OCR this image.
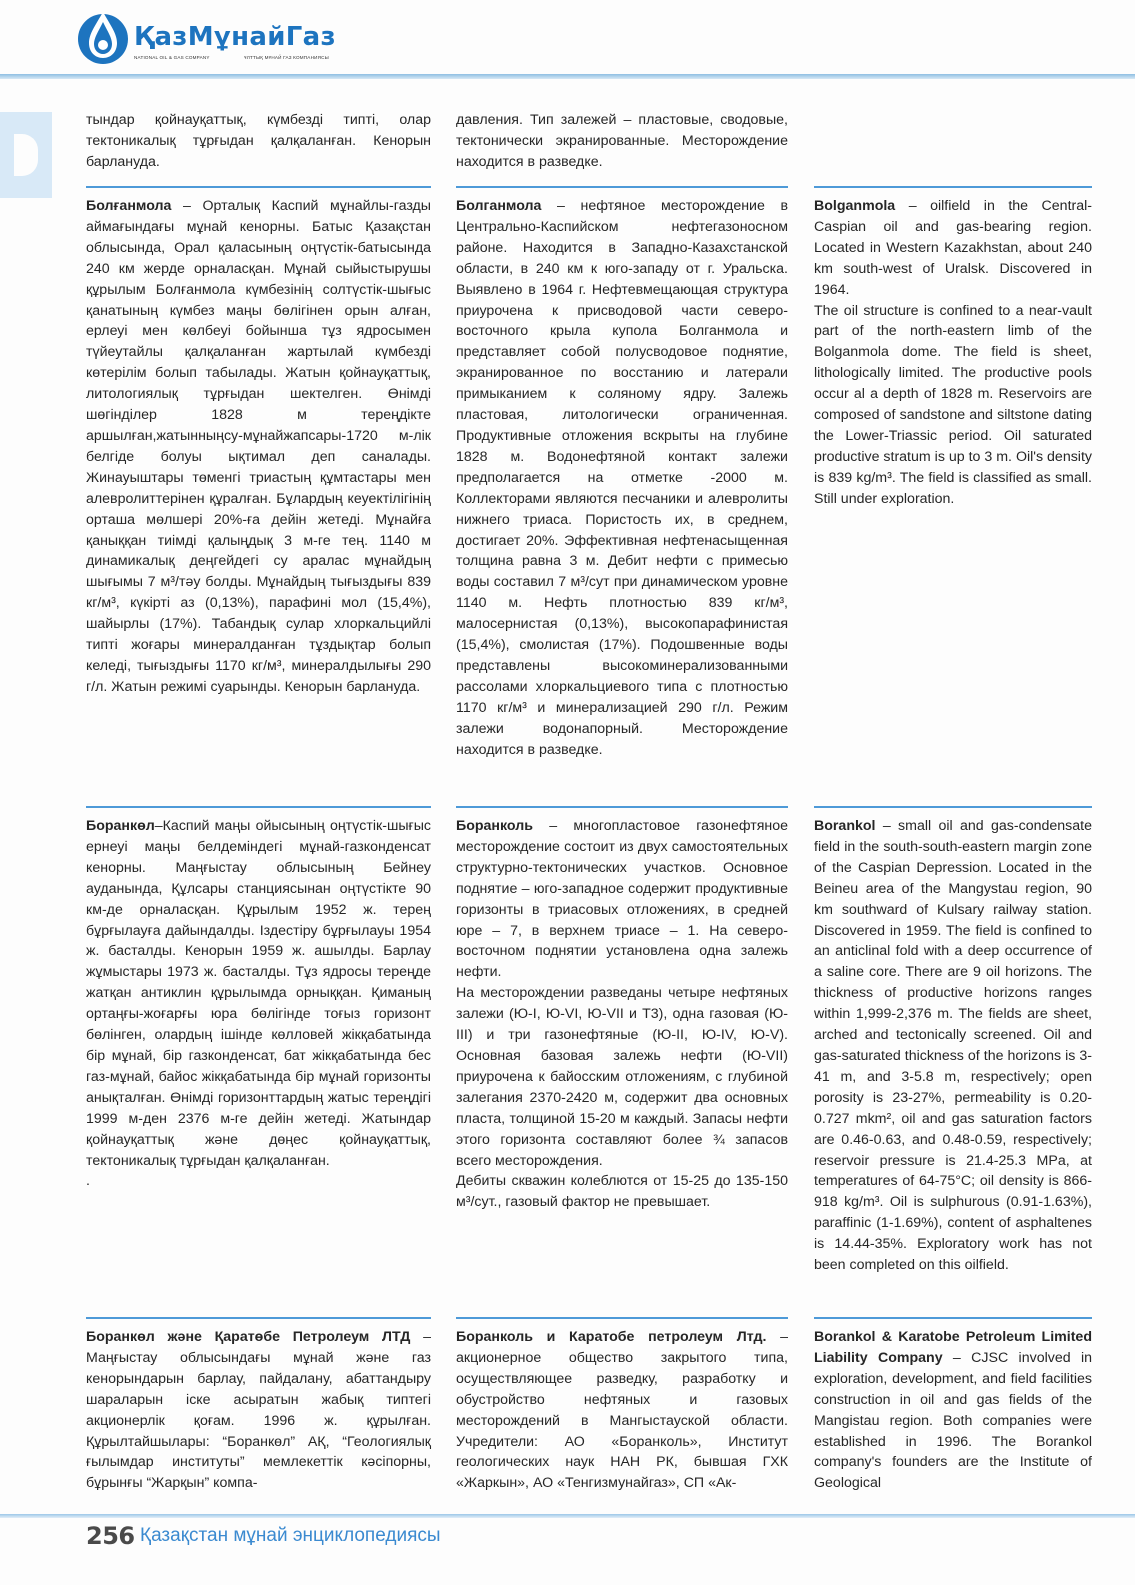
ҚазМұнайГаз
NATIONAL OIL & GAS COMPANY	ҰЛТТЫҚ МҰНАЙ ГАЗ КОМПАНИЯСЫ

тындар қойнауқаттық, күмбезді типті, олар тектоникалық тұрғыдан қалқаланған. Кенорын барлануда.

давления. Тип залежей – пластовые, сводовые, тектонически экранированные. Месторождение находится в разведке.

Болғанмола – Орталық Каспий мұнайлы-газды аймағындағы мұнай кенорны. Батыс Қазақстан облысында, Орал қаласының оңтүстік-батысында 240 км жерде орналасқан. Мұнай сыйыстырушы құрылым Болғанмола күмбезінің солтүстік-шығыс қанатының күмбез маңы бөлігінен орын алған, ерлеуі мен көлбеуі бойынша тұз ядросымен түйеутайлы қалқаланған жартылай күмбезді көтерілім болып табылады. Жатын қойнауқаттық, литологиялық тұрғыдан шектелген. Өнімді шөгінділер 1828 м тереңдікте аршылған,жатынныңсу-мұнайжапсары-1720 м-лік белгіде болуы ықтимал деп саналады. Жинауыштары төменгі триастың құмтастары мен алевролиттерінен құралған. Бұлардың кеуектілігінің орташа мөлшері 20%-ға дейін жетеді. Мұнайға қаныққан тиімді қалыңдық 3 м-ге тең. 1140 м динамикалық деңгейдегі су аралас мұнайдың шығымы 7 м³/тәу болды. Мұнайдың тығыздығы 839 кг/м³, күкірті аз (0,13%), парафині мол (15,4%), шайырлы (17%). Табандық сулар хлоркальцийлі типті жоғары минералданған тұздықтар болып келеді, тығыздығы 1170 кг/м³, минералдылығы 290 г/л. Жатын режимі суарынды. Кенорын барлануда.

Болганмола – нефтяное месторождение в Центрально-Каспийском нефтегазоносном районе. Находится в Западно-Казахстанской области, в 240 км к юго-западу от г. Уральска. Выявлено в 1964 г. Нефтевмещающая структура приурочена к присводовой части северо-восточного крыла купола Болганмола и представляет собой полусводовое поднятие, экранированное по восстанию и латерали примыканием к соляному ядру. Залежь пластовая, литологически ограниченная. Продуктивные отложения вскрыты на глубине 1828 м. Водонефтяной контакт залежи предполагается на отметке -2000 м. Коллекторами являются песчаники и алевролиты нижнего триаса. Пористость их, в среднем, достигает 20%. Эффективная нефтенасыщенная толщина равна 3 м. Дебит нефти с примесью воды составил 7 м³/сут при динамическом уровне 1140 м. Нефть плотностью 839 кг/м³, малосернистая (0,13%), высокопарафинистая (15,4%), смолистая (17%). Подошвенные воды представлены высокоминерализованными рассолами хлоркальциевого типа с плотностью 1170 кг/м³ и минерализацией 290 г/л. Режим залежи водонапорный. Месторождение находится в разведке.

Bolganmola – oilfield in the Central-Caspian oil and gas-bearing region. Located in Western Kazakhstan, about 240 km south-west of Uralsk. Discovered in 1964.

The oil structure is confined to a near-vault part of the north-eastern limb of the Bolganmola dome. The field is sheet, lithologically limited. The productive pools occur al a depth of 1828 m. Reservoirs are composed of sandstone and siltstone dating the Lower-Triassic period. Oil saturated productive stratum is up to 3 m. Oil's density is 839 kg/m³. The field is classified as small. Still under exploration.

Боранкөл–Каспий маңы ойысының оңтүстік-шығыс ернеуі маңы белдеміндегі мұнай-газконденсат кенорны. Маңғыстау облысының Бейнеу ауданында, Құлсары станциясынан оңтүстікте 90 км-де орналасқан. Құрылым 1952 ж. терең бұрғылауға дайындалды. Іздестіру бұрғылауы 1954 ж. басталды. Кенорын 1959 ж. ашылды. Барлау жұмыстары 1973 ж. басталды. Тұз ядросы тереңде жатқан антиклин құрылымда орныққан. Қиманың ортаңғы-жоғарғы юра бөлігінде тоғыз горизонт бөлінген, олардың ішінде көлловей жікқабатында бір мұнай, бір газконденсат, бат жікқабатында бес газ-мұнай, байос жікқабатында бір мұнай горизонты анықталған. Өнімді горизонттардың жатыс тереңдігі 1999 м-ден 2376 м-ге дейін жетеді. Жатындар қойнауқаттық және дөңес қойнауқаттық, тектоникалық тұрғыдан қалқаланған.

.

Боранколь – многопластовое газонефтяное месторождение состоит из двух самостоятельных структурно-тектонических участков. Основное поднятие – юго-западное содержит продуктивные горизонты в триасовых отложениях, в средней юре – 7, в верхнем триасе – 1. На северо-восточном поднятии установлена одна залежь нефти.

На месторождении разведаны четыре нефтяных залежи (Ю-I, Ю-VI, Ю-VII и Т3), одна газовая (Ю-III) и три газонефтяные (Ю-II, Ю-IV, Ю-V). Основная базовая залежь нефти (Ю-VII) приурочена к байосским отложениям, с глубиной залегания 2370-2420 м, содержит два основных пласта, толщиной 15-20 м каждый. Запасы нефти этого горизонта составляют более ¾ запасов всего месторождения.

Дебиты скважин колеблются от 15-25 до 135-150 м³/сут., газовый фактор не превышает.

Borankol – small oil and gas-condensate field in the south-south-eastern margin zone of the Caspian Depression. Located in the Beineu area of the Mangystau region, 90 km southward of Kulsary railway station. Discovered in 1959. The field is confined to an anticlinal fold with a deep occurrence of a saline core. There are 9 oil horizons. The thickness of productive horizons ranges within 1,999-2,376 m. The fields are sheet, arched and tectonically screened. Oil and gas-saturated thickness of the horizons is 3-41 m, and 3-5.8 m, respectively; open porosity is 23-27%, permeability is 0.20-0.727 mkm², oil and gas saturation factors are 0.46-0.63, and 0.48-0.59, respectively; reservoir pressure is 21.4-25.3 MPa, at temperatures of 64-75°C; oil density is 866-918 kg/m³. Oil is sulphurous (0.91-1.63%), paraffinic (1-1.69%), content of asphaltenes is 14.44-35%. Exploratory work has not been completed on this oilfield.

Боранкөл және Қаратөбе Петролеум ЛТД – Маңғыстау облысындағы мұнай және газ кенорындарын барлау, пайдалану, абаттандыру шараларын іске асыратын жабық типтегі акционерлік қоғам. 1996 ж. құрылған. Құрылтайшылары: “Боранкөл” АҚ, “Геологиялық ғылымдар институты” мемлекеттік кәсіпорны, бұрынғы “Жарқын” компа-

Боранколь и Каратобе петролеум Лтд. – акционерное общество закрытого типа, осуществляющее разведку, разработку и обустройство нефтяных и газовых месторождений в Мангыстауской области. Учредители: АО «Боранколь», Институт геологических наук НАН РК, бывшая ГХК «Жаркын», АО «Тенгизмунайгаз», СП «Ак-

Borankol & Karatobe Petroleum Limited Liability Company – CJSC involved in exploration, development, and field facilities construction in oil and gas fields of the Mangistau region. Both companies were established in 1996. The Borankol company's founders are the Institute of Geological

256 Қазақстан мұнай энциклопедиясы
